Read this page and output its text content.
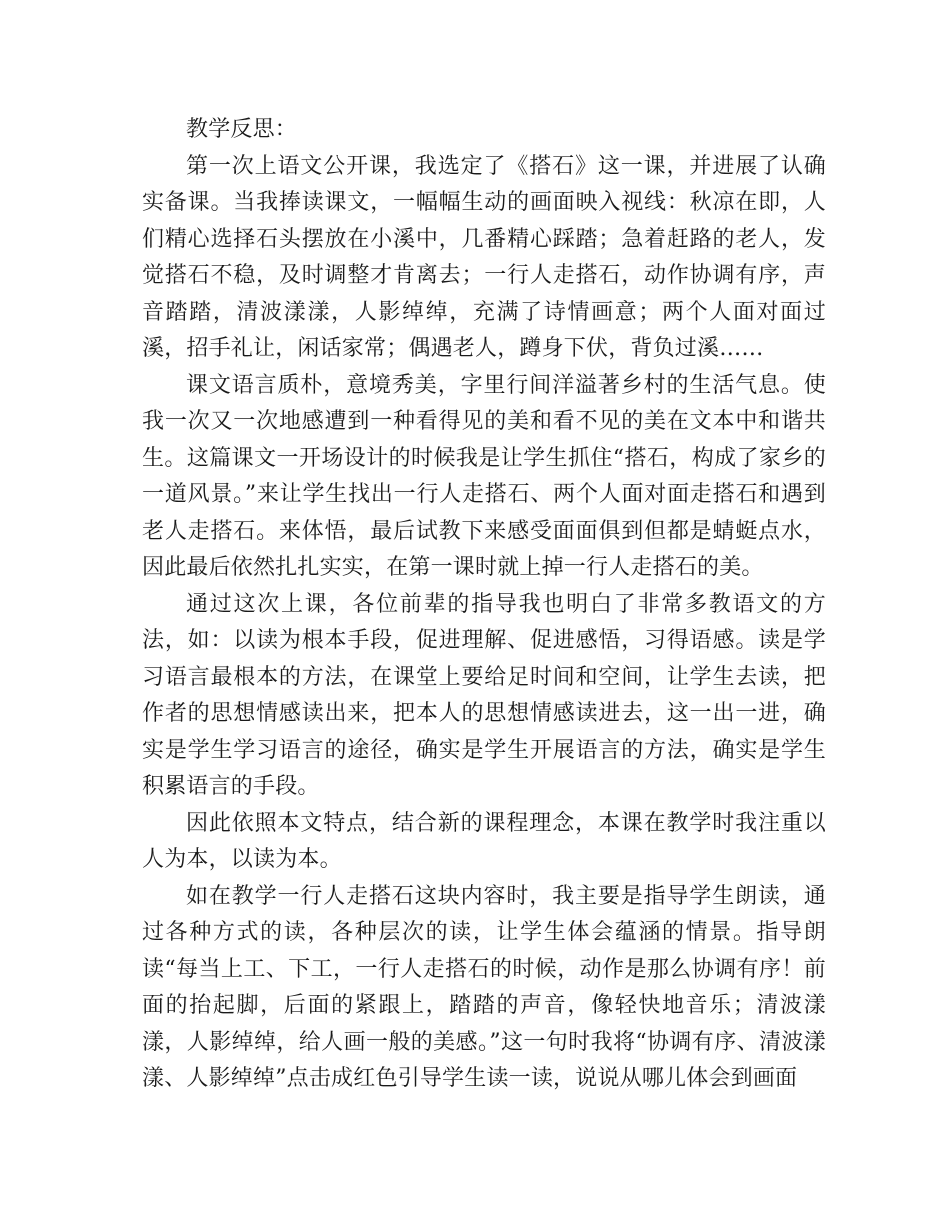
教学反思：

第一次上语文公开课，我选定了《搭石》这一课，并进展了认确实备课。当我捧读课文，一幅幅生动的画面映入视线：秋凉在即，人们精心选择石头摆放在小溪中，几番精心踩踏；急着赶路的老人，发觉搭石不稳，及时调整才肯离去；一行人走搭石，动作协调有序，声音踏踏，清波漾漾，人影绰绰，充满了诗情画意；两个人面对面过溪，招手礼让，闲话家常；偶遇老人，蹲身下伏，背负过溪……

课文语言质朴，意境秀美，字里行间洋溢著乡村的生活气息。使我一次又一次地感遭到一种看得见的美和看不见的美在文本中和谐共生。这篇课文一开场设计的时候我是让学生抓住“搭石，构成了家乡的一道风景。”来让学生找出一行人走搭石、两个人面对面走搭石和遇到老人走搭石。来体悟，最后试教下来感受面面俱到但都是蜻蜓点水，因此最后依然扎扎实实，在第一课时就上掉一行人走搭石的美。

通过这次上课，各位前辈的指导我也明白了非常多教语文的方法，如：以读为根本手段，促进理解、促进感悟，习得语感。读是学习语言最根本的方法，在课堂上要给足时间和空间，让学生去读，把作者的思想情感读出来，把本人的思想情感读进去，这一出一进，确实是学生学习语言的途径，确实是学生开展语言的方法，确实是学生积累语言的手段。

因此依照本文特点，结合新的课程理念，本课在教学时我注重以人为本，以读为本。

如在教学一行人走搭石这块内容时，我主要是指导学生朗读，通过各种方式的读，各种层次的读，让学生体会蕴涵的情景。指导朗读“每当上工、下工，一行人走搭石的时候，动作是那么协调有序！前面的抬起脚，后面的紧跟上，踏踏的声音，像轻快地音乐；清波漾漾，人影绰绰，给人画一般的美感。”这一句时我将“协调有序、清波漾漾、人影绰绰”点击成红色引导学生读一读，说说从哪儿体会到画面
